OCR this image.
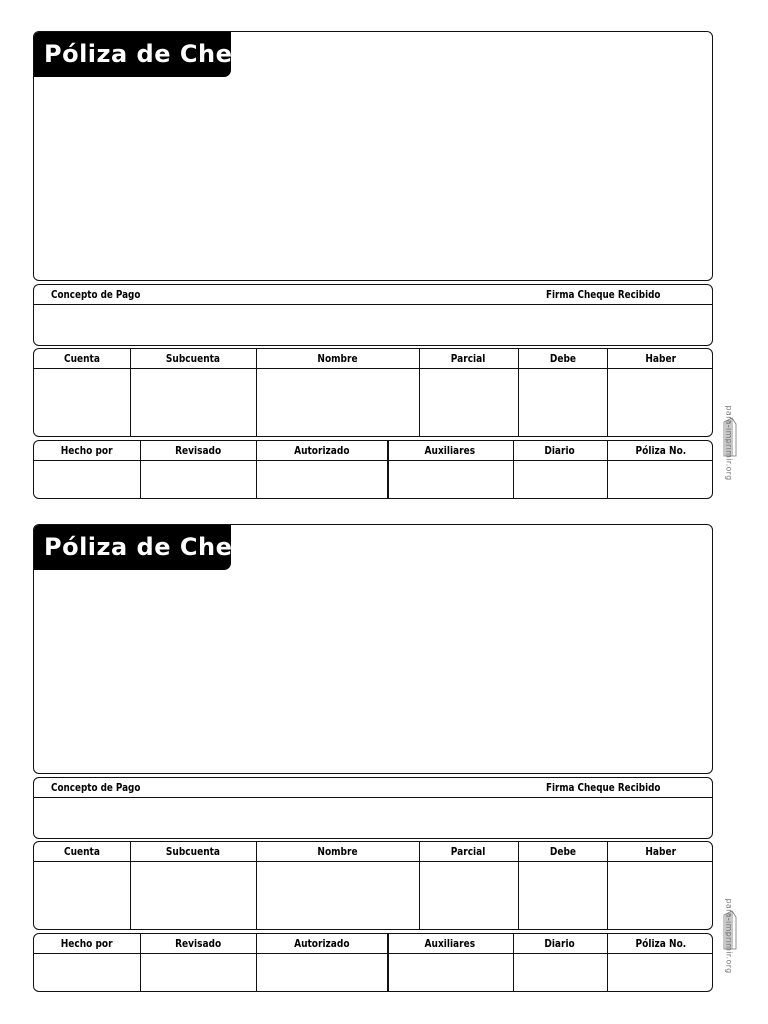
Póliza de Cheque
Concepto de Pago	Firma Cheque Recibido
Cuenta	Subcuenta	Nombre	Parcial	Debe	Haber
Hecho por	Revisado	Autorizado	Auxiliares	Diario	Póliza No.
Póliza de Cheque
Concepto de Pago	Firma Cheque Recibido
Cuenta	Subcuenta	Nombre	Parcial	Debe	Haber
Hecho por	Revisado	Autorizado	Auxiliares	Diario	Póliza No.
para-imprimir.org
para-imprimir.org
